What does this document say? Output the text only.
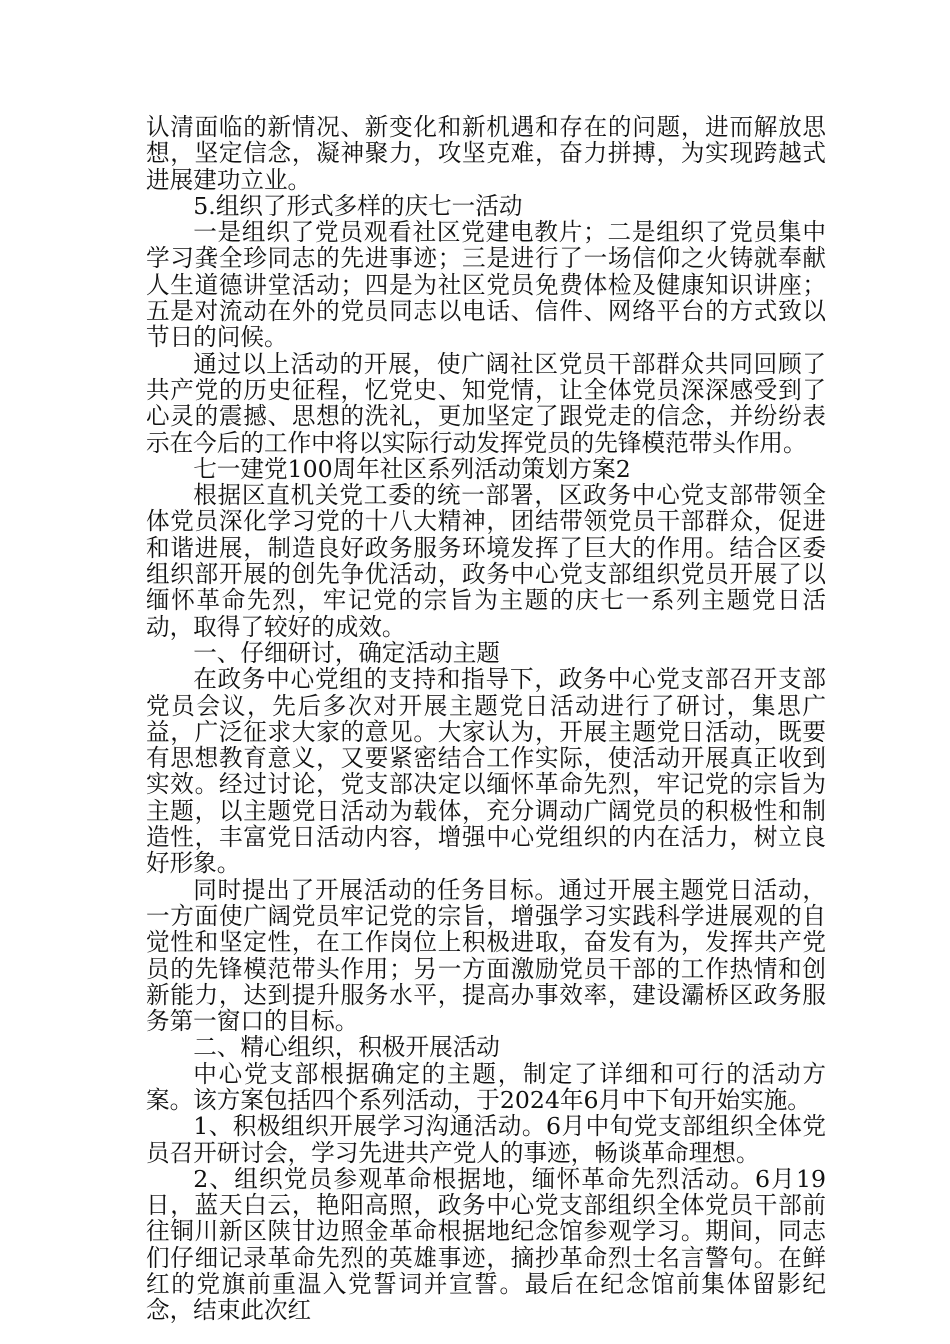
认清面临的新情况、新变化和新机遇和存在的问题，进而解放思想，坚定信念，凝神聚力，攻坚克难，奋力拼搏，为实现跨越式进展建功立业。

5.组织了形式多样的庆七一活动

一是组织了党员观看社区党建电教片；二是组织了党员集中学习龚全珍同志的先进事迹；三是进行了一场信仰之火铸就奉献人生道德讲堂活动；四是为社区党员免费体检及健康知识讲座；五是对流动在外的党员同志以电话、信件、网络平台的方式致以节日的问候。

通过以上活动的开展，使广阔社区党员干部群众共同回顾了共产党的历史征程，忆党史、知党情，让全体党员深深感受到了心灵的震撼、思想的洗礼，更加坚定了跟党走的信念，并纷纷表示在今后的工作中将以实际行动发挥党员的先锋模范带头作用。

七一建党100周年社区系列活动策划方案2

根据区直机关党工委的统一部署，区政务中心党支部带领全体党员深化学习党的十八大精神，团结带领党员干部群众，促进和谐进展，制造良好政务服务环境发挥了巨大的作用。结合区委组织部开展的创先争优活动，政务中心党支部组织党员开展了以缅怀革命先烈，牢记党的宗旨为主题的庆七一系列主题党日活动，取得了较好的成效。

一、仔细研讨，确定活动主题

在政务中心党组的支持和指导下，政务中心党支部召开支部党员会议，先后多次对开展主题党日活动进行了研讨，集思广益，广泛征求大家的意见。大家认为，开展主题党日活动，既要有思想教育意义，又要紧密结合工作实际，使活动开展真正收到实效。经过讨论，党支部决定以缅怀革命先烈，牢记党的宗旨为主题，以主题党日活动为载体，充分调动广阔党员的积极性和制造性，丰富党日活动内容，增强中心党组织的内在活力，树立良好形象。

同时提出了开展活动的任务目标。通过开展主题党日活动，一方面使广阔党员牢记党的宗旨，增强学习实践科学进展观的自觉性和坚定性，在工作岗位上积极进取，奋发有为，发挥共产党员的先锋模范带头作用；另一方面激励党员干部的工作热情和创新能力，达到提升服务水平，提高办事效率，建设灞桥区政务服务第一窗口的目标。

二、精心组织，积极开展活动

中心党支部根据确定的主题，制定了详细和可行的活动方案。该方案包括四个系列活动，于2024年6月中下旬开始实施。

1、积极组织开展学习沟通活动。6月中旬党支部组织全体党员召开研讨会，学习先进共产党人的事迹，畅谈革命理想。

2、组织党员参观革命根据地，缅怀革命先烈活动。6月19日，蓝天白云，艳阳高照，政务中心党支部组织全体党员干部前往铜川新区陕甘边照金革命根据地纪念馆参观学习。期间，同志们仔细记录革命先烈的英雄事迹，摘抄革命烈士名言警句。在鲜红的党旗前重温入党誓词并宣誓。最后在纪念馆前集体留影纪念，结束此次红
